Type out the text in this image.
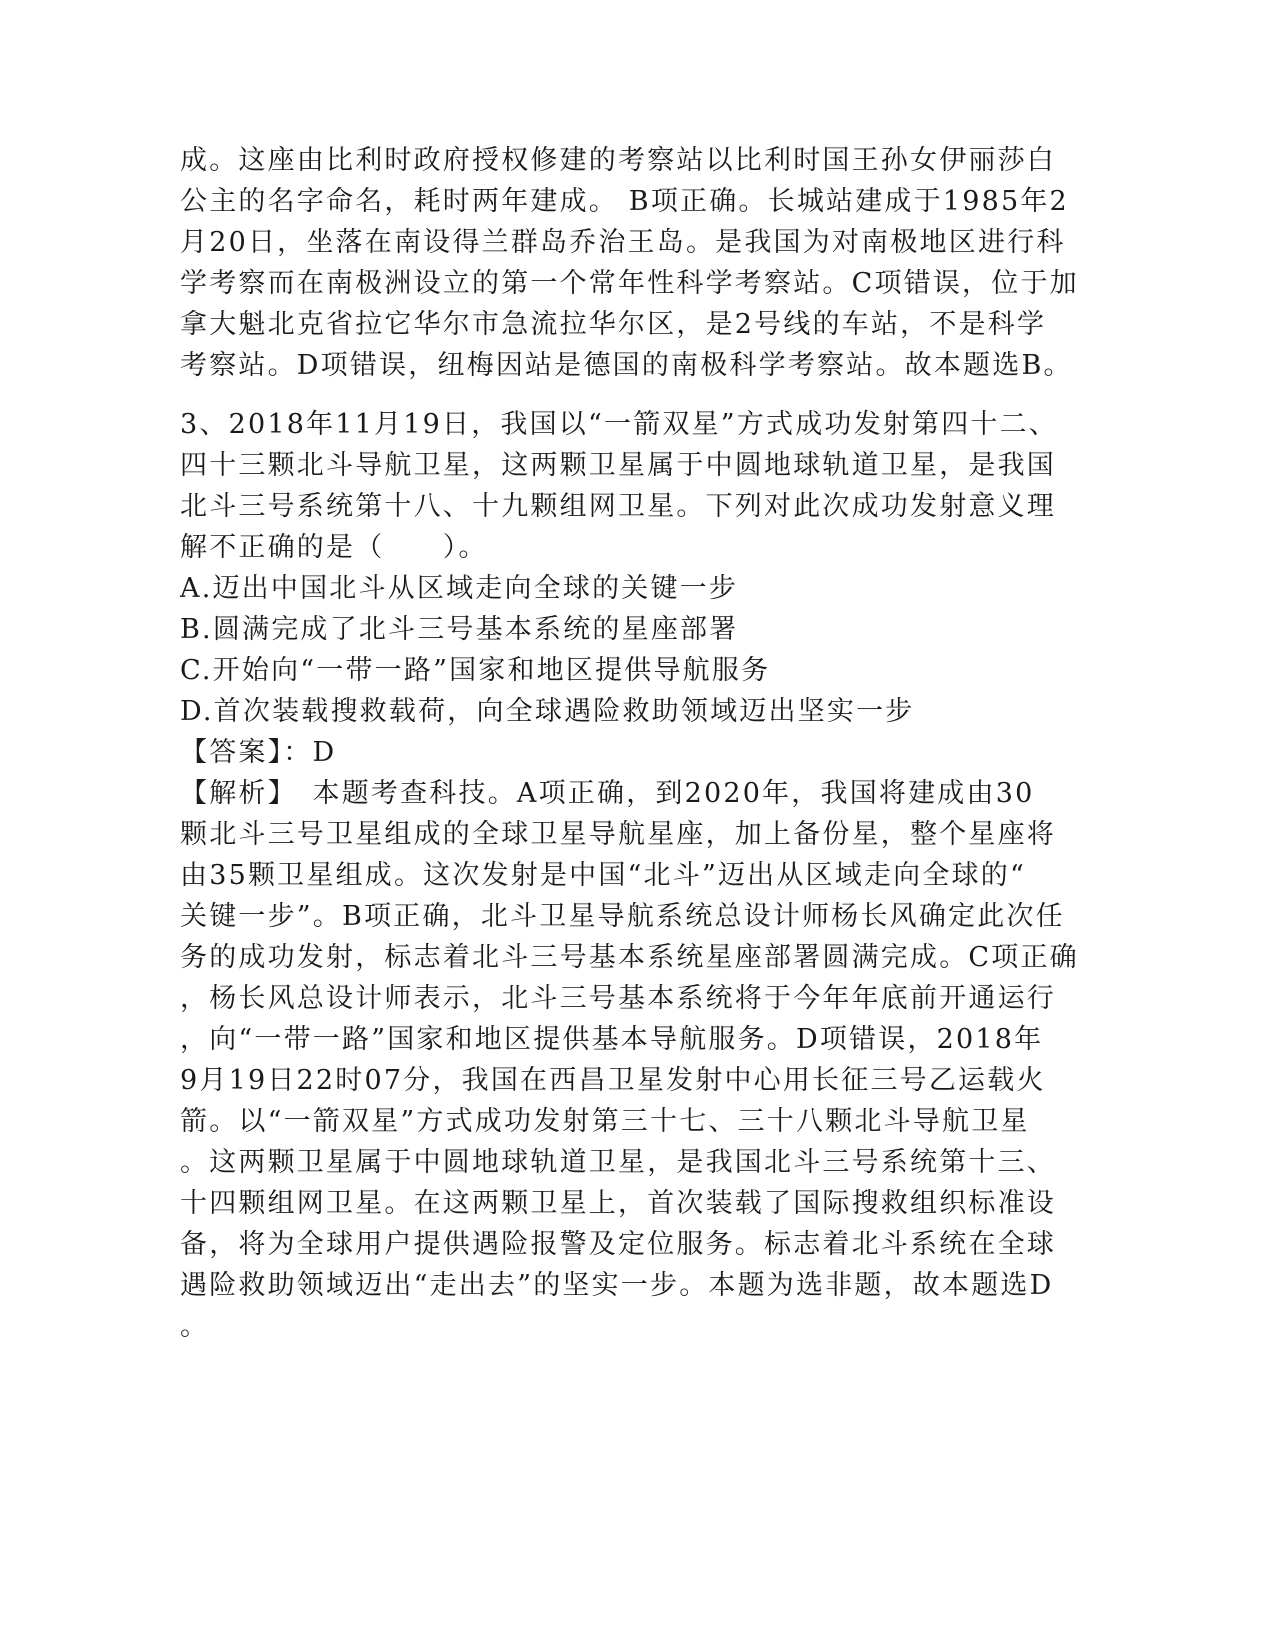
成。这座由比利时政府授权修建的考察站以比利时国王孙女伊丽莎白
公主的名字命名，耗时两年建成。 B项正确。长城站建成于1985年2
月20日，坐落在南设得兰群岛乔治王岛。是我国为对南极地区进行科
学考察而在南极洲设立的第一个常年性科学考察站。C项错误，位于加
拿大魁北克省拉它华尔市急流拉华尔区，是2号线的车站，不是科学
考察站。D项错误，纽梅因站是德国的南极科学考察站。故本题选B。
3、2018年11月19日，我国以“一箭双星”方式成功发射第四十二、
四十三颗北斗导航卫星，这两颗卫星属于中圆地球轨道卫星，是我国
北斗三号系统第十八、十九颗组网卫星。下列对此次成功发射意义理
解不正确的是（　　）。
A.迈出中国北斗从区域走向全球的关键一步
B.圆满完成了北斗三号基本系统的星座部署
C.开始向“一带一路”国家和地区提供导航服务
D.首次装载搜救载荷，向全球遇险救助领域迈出坚实一步
【答案】：D
【解析】　本题考查科技。A项正确，到2020年，我国将建成由30
颗北斗三号卫星组成的全球卫星导航星座，加上备份星，整个星座将
由35颗卫星组成。这次发射是中国“北斗”迈出从区域走向全球的“
关键一步”。B项正确，北斗卫星导航系统总设计师杨长风确定此次任
务的成功发射，标志着北斗三号基本系统星座部署圆满完成。C项正确
，杨长风总设计师表示，北斗三号基本系统将于今年年底前开通运行
，向“一带一路”国家和地区提供基本导航服务。D项错误，2018年
9月19日22时07分，我国在西昌卫星发射中心用长征三号乙运载火
箭。以“一箭双星”方式成功发射第三十七、三十八颗北斗导航卫星
。这两颗卫星属于中圆地球轨道卫星，是我国北斗三号系统第十三、
十四颗组网卫星。在这两颗卫星上，首次装载了国际搜救组织标准设
备，将为全球用户提供遇险报警及定位服务。标志着北斗系统在全球
遇险救助领域迈出“走出去”的坚实一步。本题为选非题，故本题选D
。
